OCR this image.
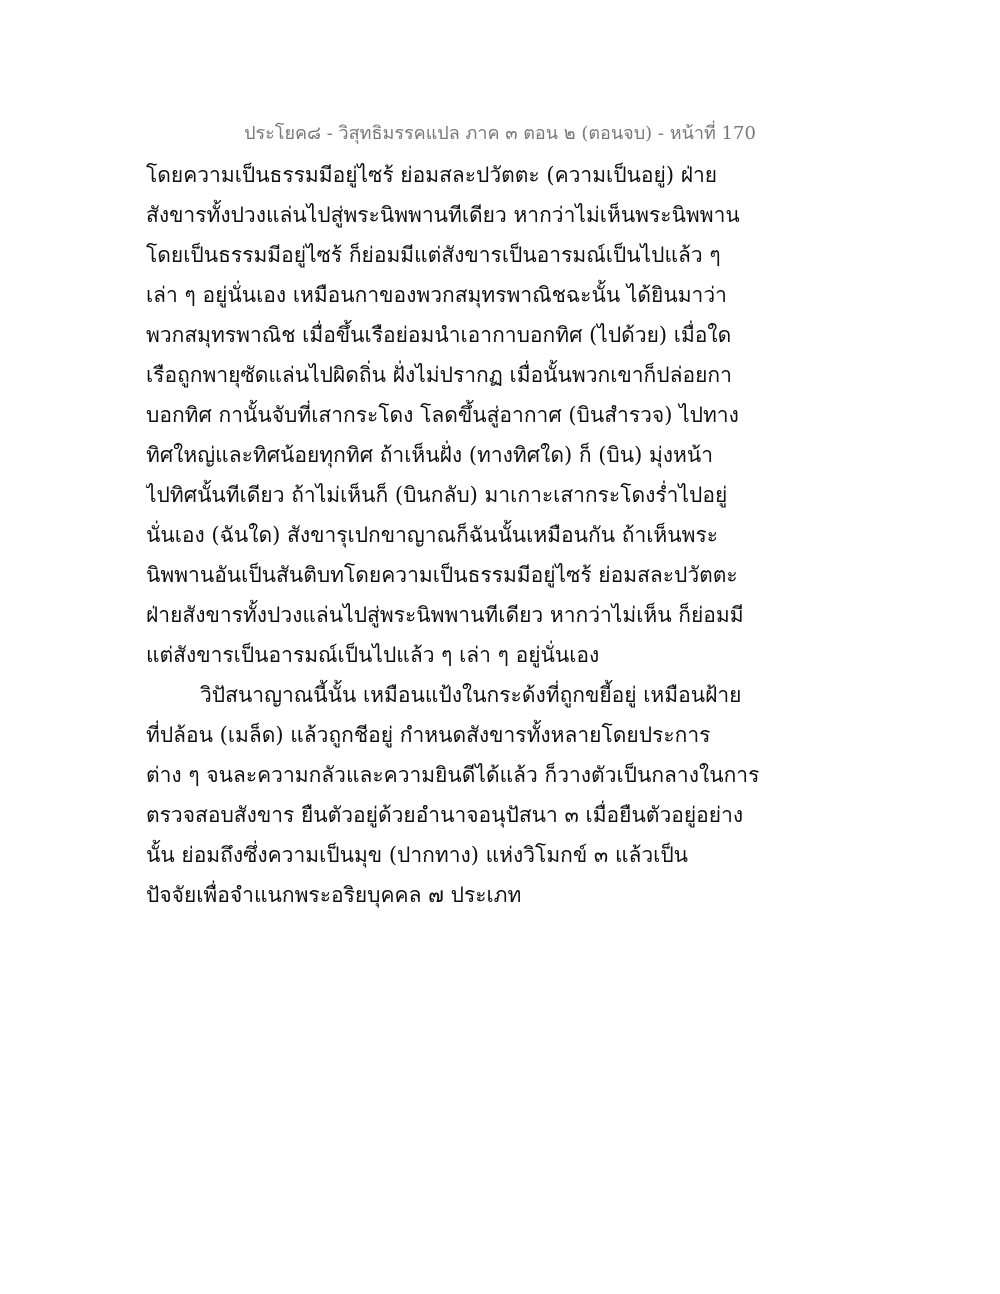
ประโยค๘ - วิสุทธิมรรคแปล ภาค ๓ ตอน ๒ (ตอนจบ) - หน้าที่ 170
โดยความเป็นธรรมมีอยู่ไซร้ ย่อมสละปวัตตะ (ความเป็นอยู่) ฝ่าย
สังขารทั้งปวงแล่นไปสู่พระนิพพานทีเดียว หากว่าไม่เห็นพระนิพพาน
โดยเป็นธรรมมีอยู่ไซร้ ก็ย่อมมีแต่สังขารเป็นอารมณ์เป็นไปแล้ว ๆ
เล่า ๆ อยู่นั่นเอง เหมือนกาของพวกสมุทรพาณิชฉะนั้น ได้ยินมาว่า
พวกสมุทรพาณิช เมื่อขึ้นเรือย่อมนำเอากาบอกทิศ (ไปด้วย) เมื่อใด
เรือถูกพายุซัดแล่นไปผิดถิ่น ฝั่งไม่ปรากฏ เมื่อนั้นพวกเขาก็ปล่อยกา
บอกทิศ กานั้นจับที่เสากระโดง โลดขึ้นสู่อากาศ (บินสำรวจ) ไปทาง
ทิศใหญ่และทิศน้อยทุกทิศ ถ้าเห็นฝั่ง (ทางทิศใด) ก็ (บิน) มุ่งหน้า
ไปทิศนั้นทีเดียว ถ้าไม่เห็นก็ (บินกลับ) มาเกาะเสากระโดงร่ำไปอยู่
นั่นเอง (ฉันใด) สังขารุเปกขาญาณก็ฉันนั้นเหมือนกัน ถ้าเห็นพระ
นิพพานอันเป็นสันติบทโดยความเป็นธรรมมีอยู่ไซร้ ย่อมสละปวัตตะ
ฝ่ายสังขารทั้งปวงแล่นไปสู่พระนิพพานทีเดียว หากว่าไม่เห็น ก็ย่อมมี
แต่สังขารเป็นอารมณ์เป็นไปแล้ว ๆ เล่า ๆ อยู่นั่นเอง
วิปัสนาญาณนี้นั้น เหมือนแป้งในกระด้งที่ถูกขยี้อยู่ เหมือนฝ้าย
ที่ปล้อน (เมล็ด) แล้วถูกชีอยู่ กำหนดสังขารทั้งหลายโดยประการ
ต่าง ๆ จนละความกลัวและความยินดีได้แล้ว ก็วางตัวเป็นกลางในการ
ตรวจสอบสังขาร ยืนตัวอยู่ด้วยอำนาจอนุปัสนา ๓ เมื่อยืนตัวอยู่อย่าง
นั้น ย่อมถึงซึ่งความเป็นมุข (ปากทาง) แห่งวิโมกข์ ๓ แล้วเป็น
ปัจจัยเพื่อจำแนกพระอริยบุคคล ๗ ประเภท
